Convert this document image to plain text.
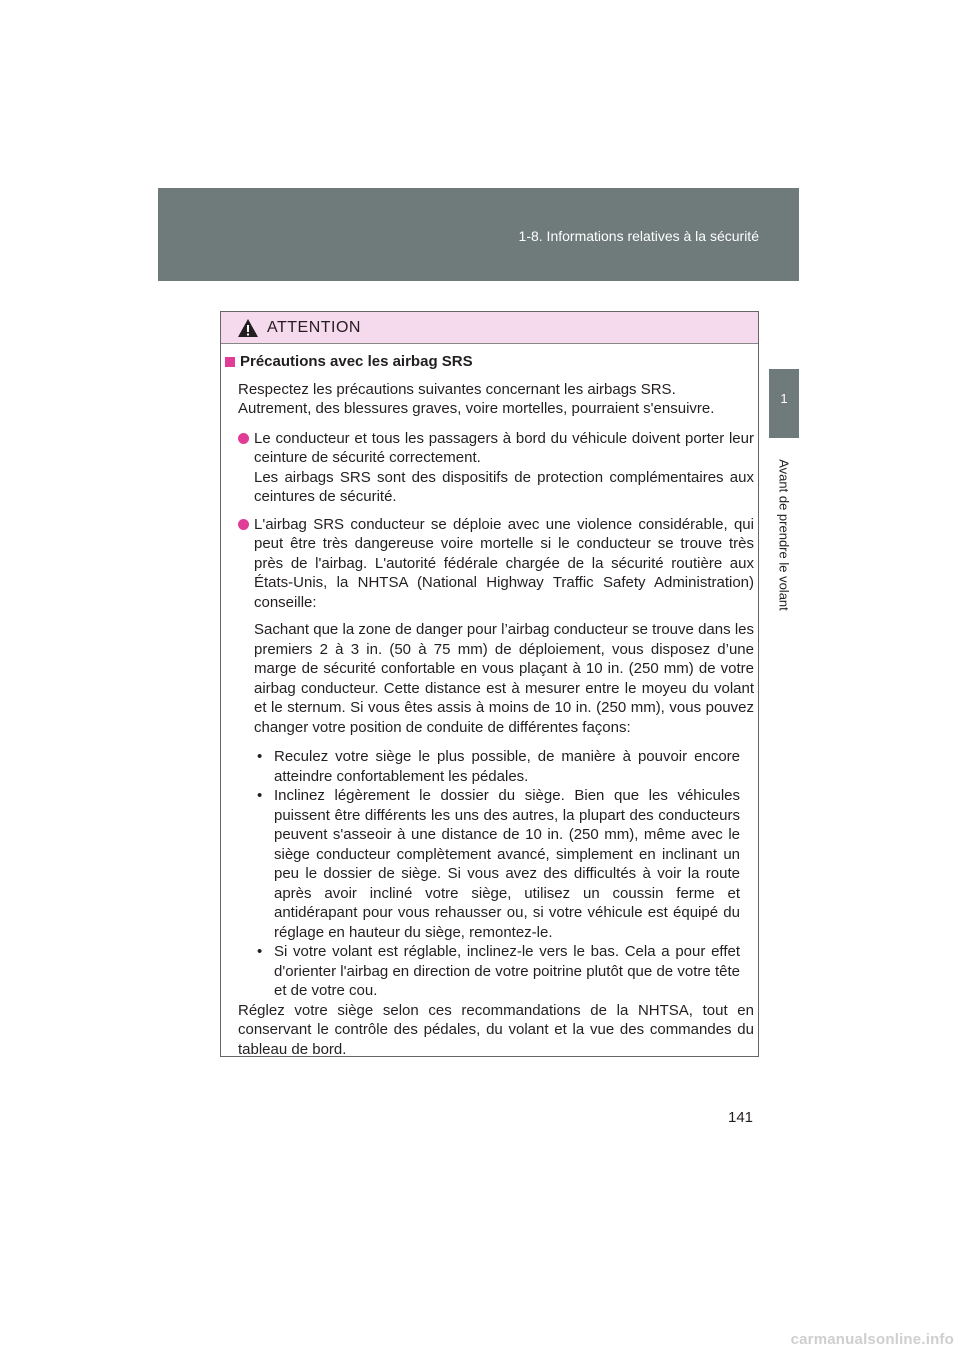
1-8. Informations relatives à la sécurité
1
Avant de prendre le volant
ATTENTION
Précautions avec les airbag SRS

Respectez les précautions suivantes concernant les airbags SRS.

Autrement, des blessures graves, voire mortelles, pourraient s'ensuivre.

Le conducteur et tous les passagers à bord du véhicule doivent porter leur ceinture de sécurité correctement.

Les airbags SRS sont des dispositifs de protection complémentaires aux ceintures de sécurité.

L'airbag SRS conducteur se déploie avec une violence considérable, qui peut être très dangereuse voire mortelle si le conducteur se trouve très près de l'airbag. L'autorité fédérale chargée de la sécurité routière aux États-Unis, la NHTSA (National Highway Traffic Safety Administration) conseille:

Sachant que la zone de danger pour l’airbag conducteur se trouve dans les premiers 2 à 3 in. (50 à 75 mm) de déploiement, vous disposez d’une marge de sécurité confortable en vous plaçant à 10 in. (250 mm) de votre airbag conducteur. Cette distance est à mesurer entre le moyeu du volant et le sternum. Si vous êtes assis à moins de 10 in. (250 mm), vous pouvez changer votre position de conduite de différentes façons:

• Reculez votre siège le plus possible, de manière à pouvoir encore atteindre confortablement les pédales.

• Inclinez légèrement le dossier du siège. Bien que les véhicules puissent être différents les uns des autres, la plupart des conducteurs peuvent s'asseoir à une distance de 10 in. (250 mm), même avec le siège conducteur complètement avancé, simplement en inclinant un peu le dossier de siège. Si vous avez des difficultés à voir la route après avoir incliné votre siège, utilisez un coussin ferme et antidérapant pour vous rehausser ou, si votre véhicule est équipé du réglage en hauteur du siège, remontez-le.

• Si votre volant est réglable, inclinez-le vers le bas. Cela a pour effet d'orienter l'airbag en direction de votre poitrine plutôt que de votre tête et de votre cou.

Réglez votre siège selon ces recommandations de la NHTSA, tout en conservant le contrôle des pédales, du volant et la vue des commandes du tableau de bord.

141
carmanualsonline.info
